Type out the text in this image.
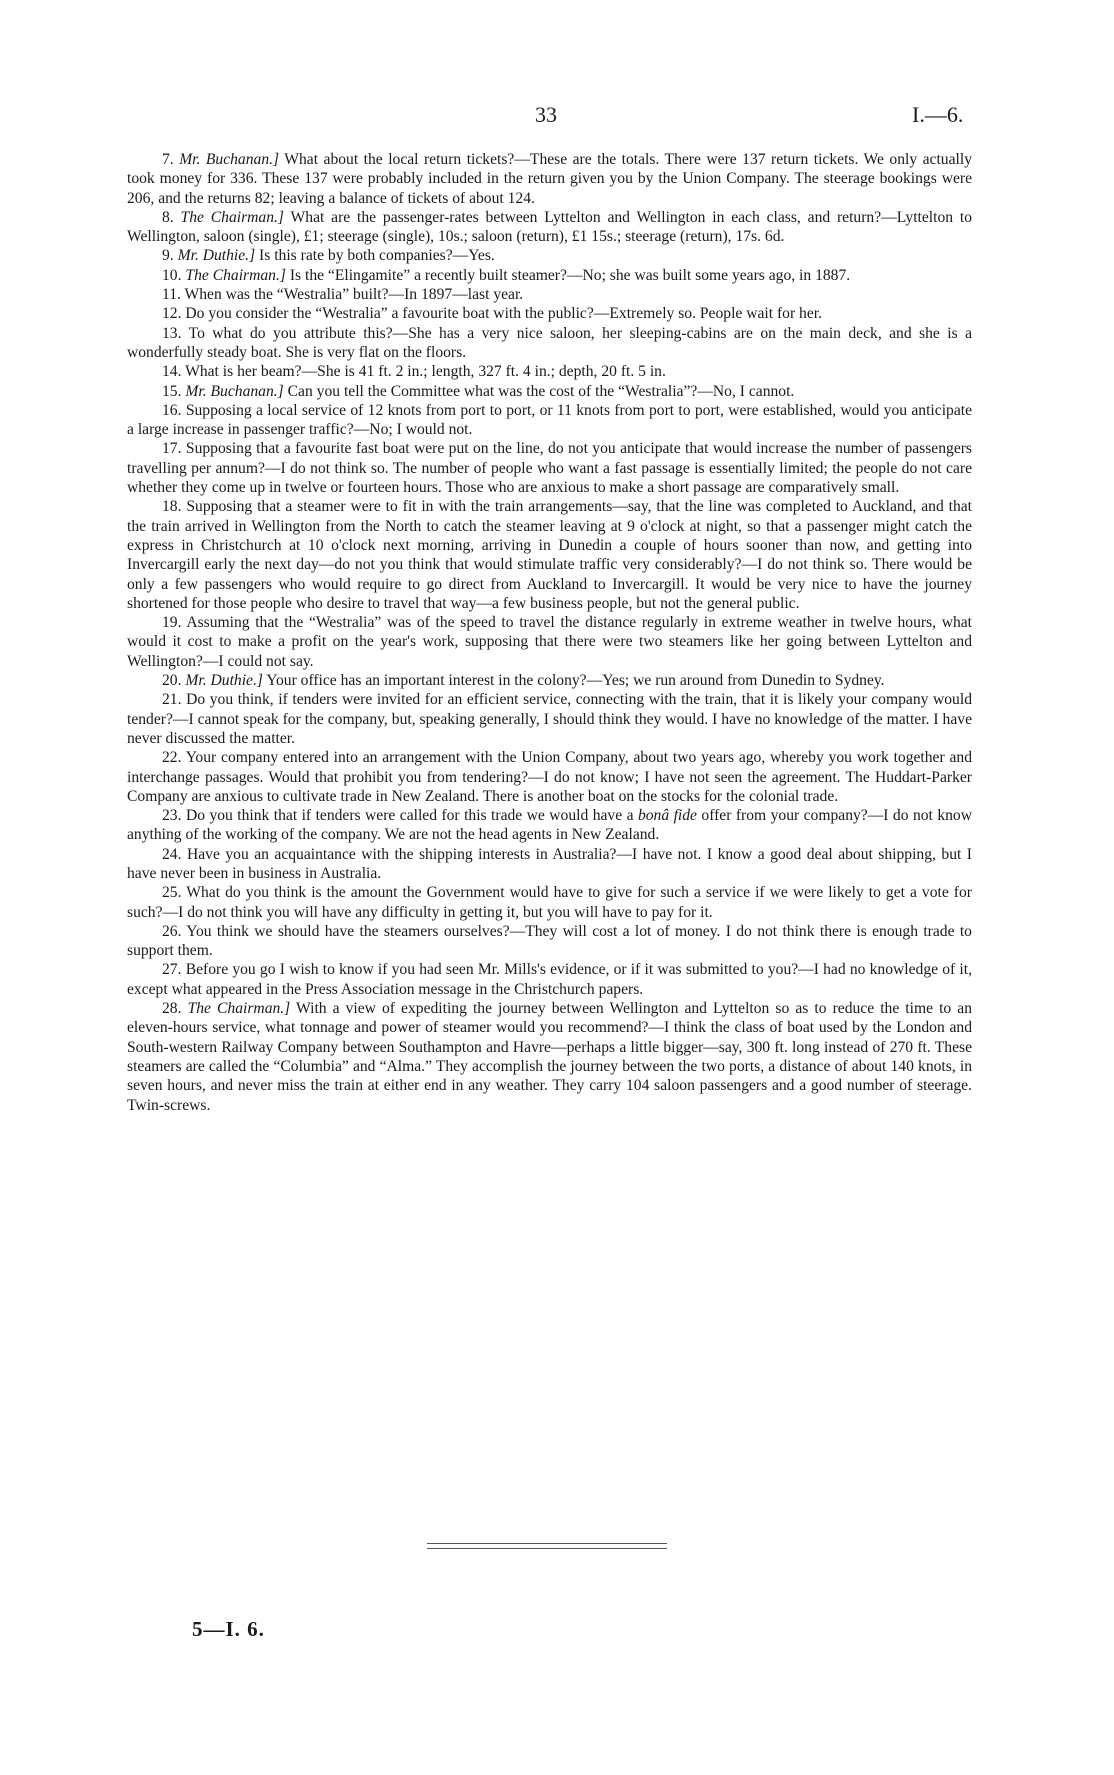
33	I.—6.

7. Mr. Buchanan.] What about the local return tickets?—These are the totals. There were 137 return tickets. We only actually took money for 336. These 137 were probably included in the return given you by the Union Company. The steerage bookings were 206, and the returns 82; leaving a balance of tickets of about 124.

8. The Chairman.] What are the passenger-rates between Lyttelton and Wellington in each class, and return?—Lyttelton to Wellington, saloon (single), £1; steerage (single), 10s.; saloon (return), £1 15s.; steerage (return), 17s. 6d.

9. Mr. Duthie.] Is this rate by both companies?—Yes.

10. The Chairman.] Is the “Elingamite” a recently built steamer?—No; she was built some years ago, in 1887.

11. When was the “Westralia” built?—In 1897—last year.

12. Do you consider the “Westralia” a favourite boat with the public?—Extremely so. People wait for her.

13. To what do you attribute this?—She has a very nice saloon, her sleeping-cabins are on the main deck, and she is a wonderfully steady boat. She is very flat on the floors.

14. What is her beam?—She is 41 ft. 2 in.; length, 327 ft. 4 in.; depth, 20 ft. 5 in.

15. Mr. Buchanan.] Can you tell the Committee what was the cost of the “Westralia”?—No, I cannot.

16. Supposing a local service of 12 knots from port to port, or 11 knots from port to port, were established, would you anticipate a large increase in passenger traffic?—No; I would not.

17. Supposing that a favourite fast boat were put on the line, do not you anticipate that would increase the number of passengers travelling per annum?—I do not think so. The number of people who want a fast passage is essentially limited; the people do not care whether they come up in twelve or fourteen hours. Those who are anxious to make a short passage are comparatively small.

18. Supposing that a steamer were to fit in with the train arrangements—say, that the line was completed to Auckland, and that the train arrived in Wellington from the North to catch the steamer leaving at 9 o'clock at night, so that a passenger might catch the express in Christchurch at 10 o'clock next morning, arriving in Dunedin a couple of hours sooner than now, and getting into Invercargill early the next day—do not you think that would stimulate traffic very considerably?—I do not think so. There would be only a few passengers who would require to go direct from Auckland to Invercargill. It would be very nice to have the journey shortened for those people who desire to travel that way—a few business people, but not the general public.

19. Assuming that the “Westralia” was of the speed to travel the distance regularly in extreme weather in twelve hours, what would it cost to make a profit on the year's work, supposing that there were two steamers like her going between Lyttelton and Wellington?—I could not say.

20. Mr. Duthie.] Your office has an important interest in the colony?—Yes; we run around from Dunedin to Sydney.

21. Do you think, if tenders were invited for an efficient service, connecting with the train, that it is likely your company would tender?—I cannot speak for the company, but, speaking generally, I should think they would. I have no knowledge of the matter. I have never discussed the matter.

22. Your company entered into an arrangement with the Union Company, about two years ago, whereby you work together and interchange passages. Would that prohibit you from tendering?—I do not know; I have not seen the agreement. The Huddart-Parker Company are anxious to cultivate trade in New Zealand. There is another boat on the stocks for the colonial trade.

23. Do you think that if tenders were called for this trade we would have a bonâ fide offer from your company?—I do not know anything of the working of the company. We are not the head agents in New Zealand.

24. Have you an acquaintance with the shipping interests in Australia?—I have not. I know a good deal about shipping, but I have never been in business in Australia.

25. What do you think is the amount the Government would have to give for such a service if we were likely to get a vote for such?—I do not think you will have any difficulty in getting it, but you will have to pay for it.

26. You think we should have the steamers ourselves?—They will cost a lot of money. I do not think there is enough trade to support them.

27. Before you go I wish to know if you had seen Mr. Mills's evidence, or if it was submitted to you?—I had no knowledge of it, except what appeared in the Press Association message in the Christchurch papers.

28. The Chairman.] With a view of expediting the journey between Wellington and Lyttelton so as to reduce the time to an eleven-hours service, what tonnage and power of steamer would you recommend?—I think the class of boat used by the London and South-western Railway Company between Southampton and Havre—perhaps a little bigger—say, 300 ft. long instead of 270 ft. These steamers are called the “Columbia” and “Alma.” They accomplish the journey between the two ports, a distance of about 140 knots, in seven hours, and never miss the train at either end in any weather. They carry 104 saloon passengers and a good number of steerage. Twin-screws.

5—I. 6.
